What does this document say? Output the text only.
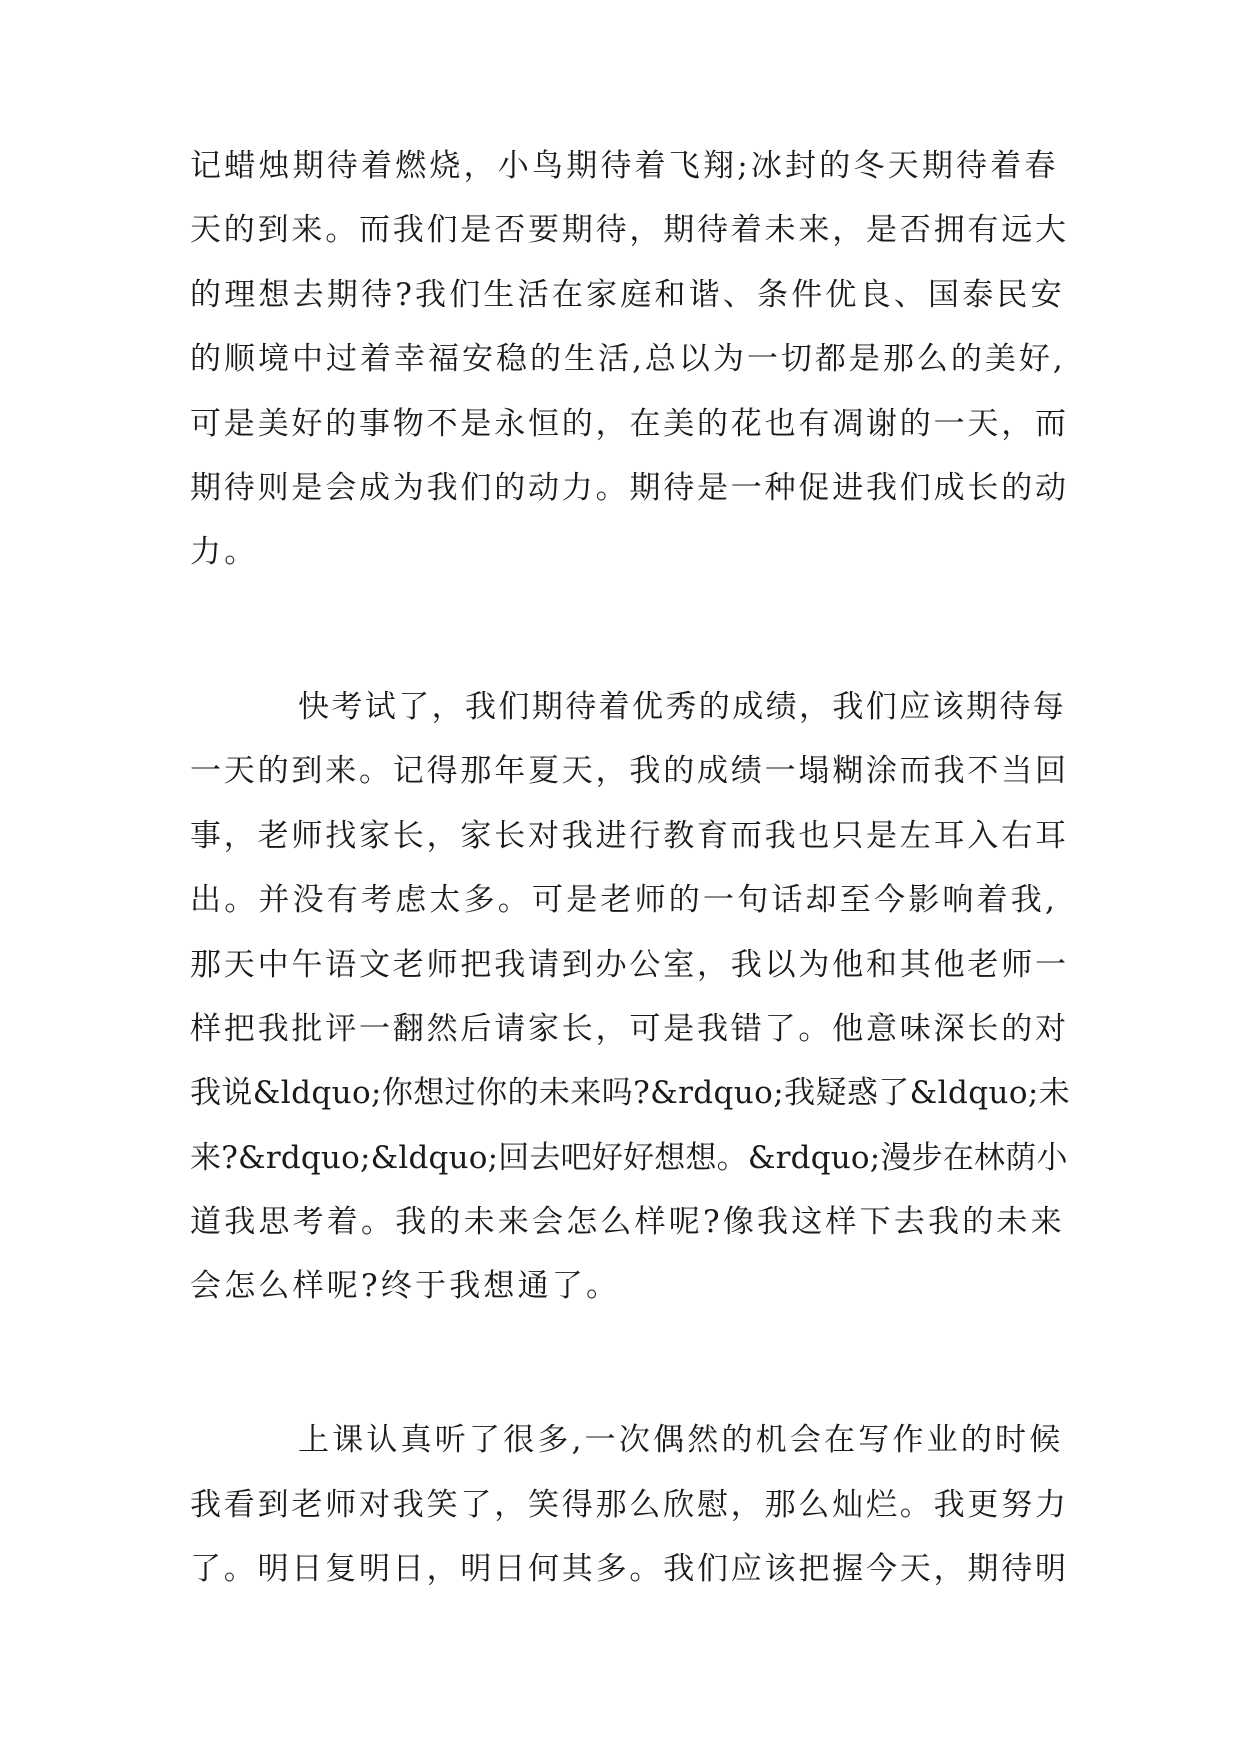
记蜡烛期待着燃烧，小鸟期待着飞翔;冰封的冬天期待着春
天的到来。而我们是否要期待，期待着未来，是否拥有远大
的理想去期待?我们生活在家庭和谐、条件优良、国泰民安
的顺境中过着幸福安稳的生活,总以为一切都是那么的美好,
可是美好的事物不是永恒的，在美的花也有凋谢的一天，而
期待则是会成为我们的动力。期待是一种促进我们成长的动
力。
快考试了，我们期待着优秀的成绩，我们应该期待每
一天的到来。记得那年夏天，我的成绩一塌糊涂而我不当回
事，老师找家长，家长对我进行教育而我也只是左耳入右耳
出。并没有考虑太多。可是老师的一句话却至今影响着我,
那天中午语文老师把我请到办公室，我以为他和其他老师一
样把我批评一翻然后请家长，可是我错了。他意味深长的对
我说&ldquo;你想过你的未来吗?&rdquo;我疑惑了&ldquo;未
来?&rdquo;&ldquo;回去吧好好想想。&rdquo;漫步在林荫小
道我思考着。我的未来会怎么样呢?像我这样下去我的未来
会怎么样呢?终于我想通了。
上课认真听了很多,一次偶然的机会在写作业的时候
我看到老师对我笑了，笑得那么欣慰，那么灿烂。我更努力
了。明日复明日，明日何其多。我们应该把握今天，期待明
